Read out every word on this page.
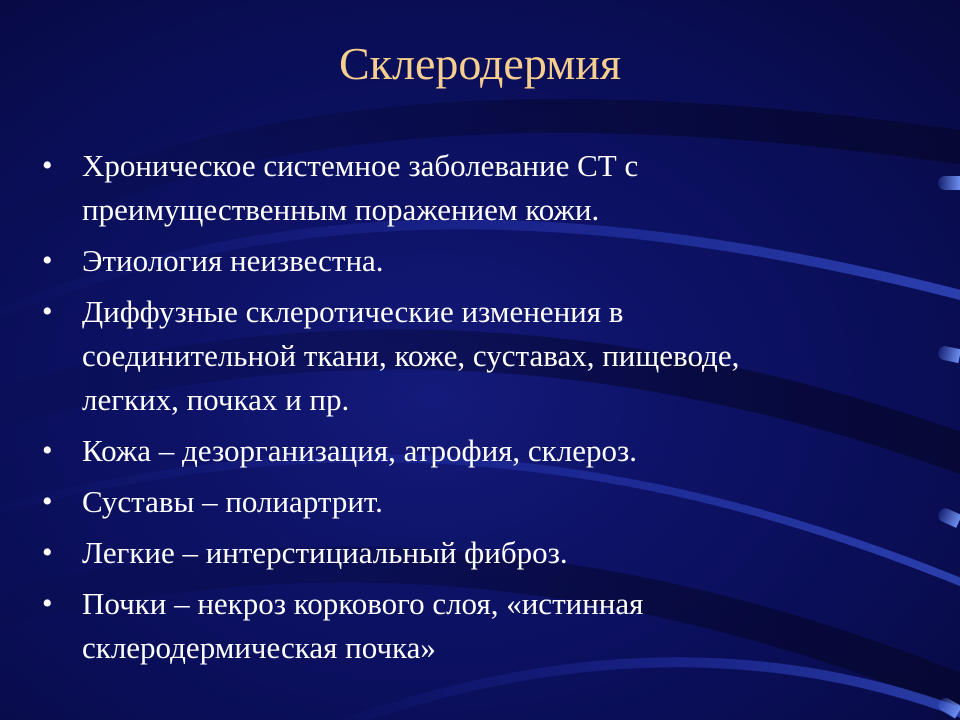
Склеродермия
• Хроническое системное заболевание СТ с
преимущественным поражением кожи.
• Этиология неизвестна.
• Диффузные склеротические изменения в
соединительной ткани, коже, суставах, пищеводе,
легких, почках и пр.
• Кожа – дезорганизация, атрофия, склероз.
• Суставы – полиартрит.
• Легкие – интерстициальный фиброз.
• Почки – некроз коркового слоя, «истинная
склеродермическая почка»
